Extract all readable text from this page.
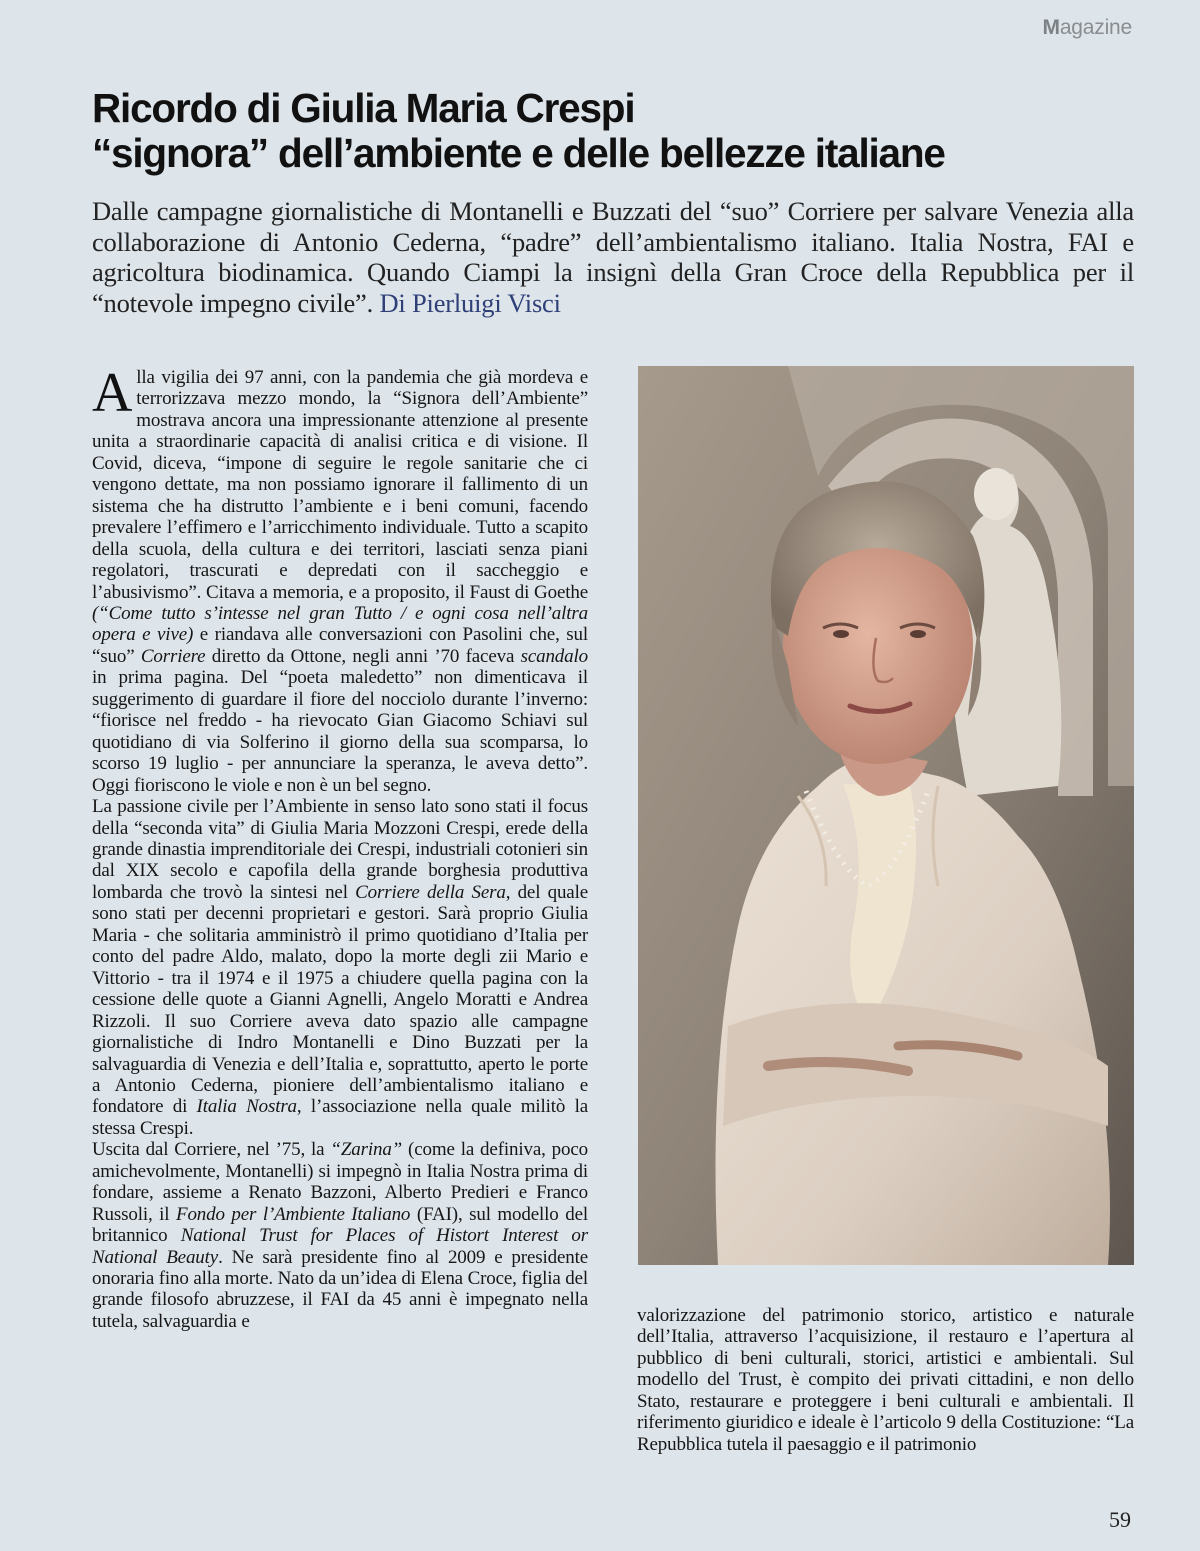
Magazine
Ricordo di Giulia Maria Crespi
“signora” dell’ambiente e delle bellezze italiane

Dalle campagne giornalistiche di Montanelli e Buzzati del “suo” Corriere per salvare Venezia alla collaborazione di Antonio Cederna, “padre” dell’ambientalismo italiano. Italia Nostra, FAI e agricoltura biodinamica. Quando Ciampi la insignì della Gran Croce della Repubblica per il “notevole impegno civile”. Di Pierluigi Visci

Alla vigilia dei 97 anni, con la pandemia che già mordeva e terrorizzava mezzo mondo, la “Signora dell’Ambiente” mostrava ancora una impressionante attenzione al presente unita a straordinarie capacità di analisi critica e di visione. Il Covid, diceva, “impone di seguire le regole sanitarie che ci vengono dettate, ma non possiamo ignorare il fallimento di un sistema che ha distrutto l’ambiente e i beni comuni, facendo prevalere l’effimero e l’arricchimento individuale. Tutto a scapito della scuola, della cultura e dei territori, lasciati senza piani regolatori, trascurati e depredati con il saccheggio e l’abusivismo”. Citava a memoria, e a proposito, il Faust di Goethe (“Come tutto s’intesse nel gran Tutto / e ogni cosa nell’altra opera e vive) e riandava alle conversazioni con Pasolini che, sul “suo” Corriere diretto da Ottone, negli anni ’70 faceva scandalo in prima pagina. Del “poeta maledetto” non dimenticava il suggerimento di guardare il fiore del nocciolo durante l’inverno: “fiorisce nel freddo - ha rievocato Gian Giacomo Schiavi sul quotidiano di via Solferino il giorno della sua scomparsa, lo scorso 19 luglio - per annunciare la speranza, le aveva detto”. Oggi fioriscono le viole e non è un bel segno.

La passione civile per l’Ambiente in senso lato sono stati il focus della “seconda vita” di Giulia Maria Mozzoni Crespi, erede della grande dinastia imprenditoriale dei Crespi, industriali cotonieri sin dal XIX secolo e capofila della grande borghesia produttiva lombarda che trovò la sintesi nel Corriere della Sera, del quale sono stati per decenni proprietari e gestori. Sarà proprio Giulia Maria - che solitaria amministrò il primo quotidiano d’Italia per conto del padre Aldo, malato, dopo la morte degli zii Mario e Vittorio - tra il 1974 e il 1975 a chiudere quella pagina con la cessione delle quote a Gianni Agnelli, Angelo Moratti e Andrea Rizzoli. Il suo Corriere aveva dato spazio alle campagne giornalistiche di Indro Montanelli e Dino Buzzati per la salvaguardia di Venezia e dell’Italia e, soprattutto, aperto le porte a Antonio Cederna, pioniere dell’ambientalismo italiano e fondatore di Italia Nostra, l’associazione nella quale militò la stessa Crespi.

Uscita dal Corriere, nel ’75, la “Zarina” (come la definiva, poco amichevolmente, Montanelli) si impegnò in Italia Nostra prima di fondare, assieme a Renato Bazzoni, Alberto Predieri e Franco Russoli, il Fondo per l’Ambiente Italiano (FAI), sul modello del britannico National Trust for Places of Histort Interest or National Beauty. Ne sarà presidente fino al 2009 e presidente onoraria fino alla morte. Nato da un’idea di Elena Croce, figlia del grande filosofo abruzzese, il FAI da 45 anni è impegnato nella tutela, salvaguardia e	valorizzazione del patrimonio storico, artistico e naturale dell’Italia, attraverso l’acquisizione, il restauro e l’apertura al pubblico di beni culturali, storici, artistici e ambientali. Sul modello del Trust, è compito dei privati cittadini, e non dello Stato, restaurare e proteggere i beni culturali e ambientali. Il riferimento giuridico e ideale è l’articolo 9 della Costituzione: “La Repubblica tutela il paesaggio e il patrimonio

59
